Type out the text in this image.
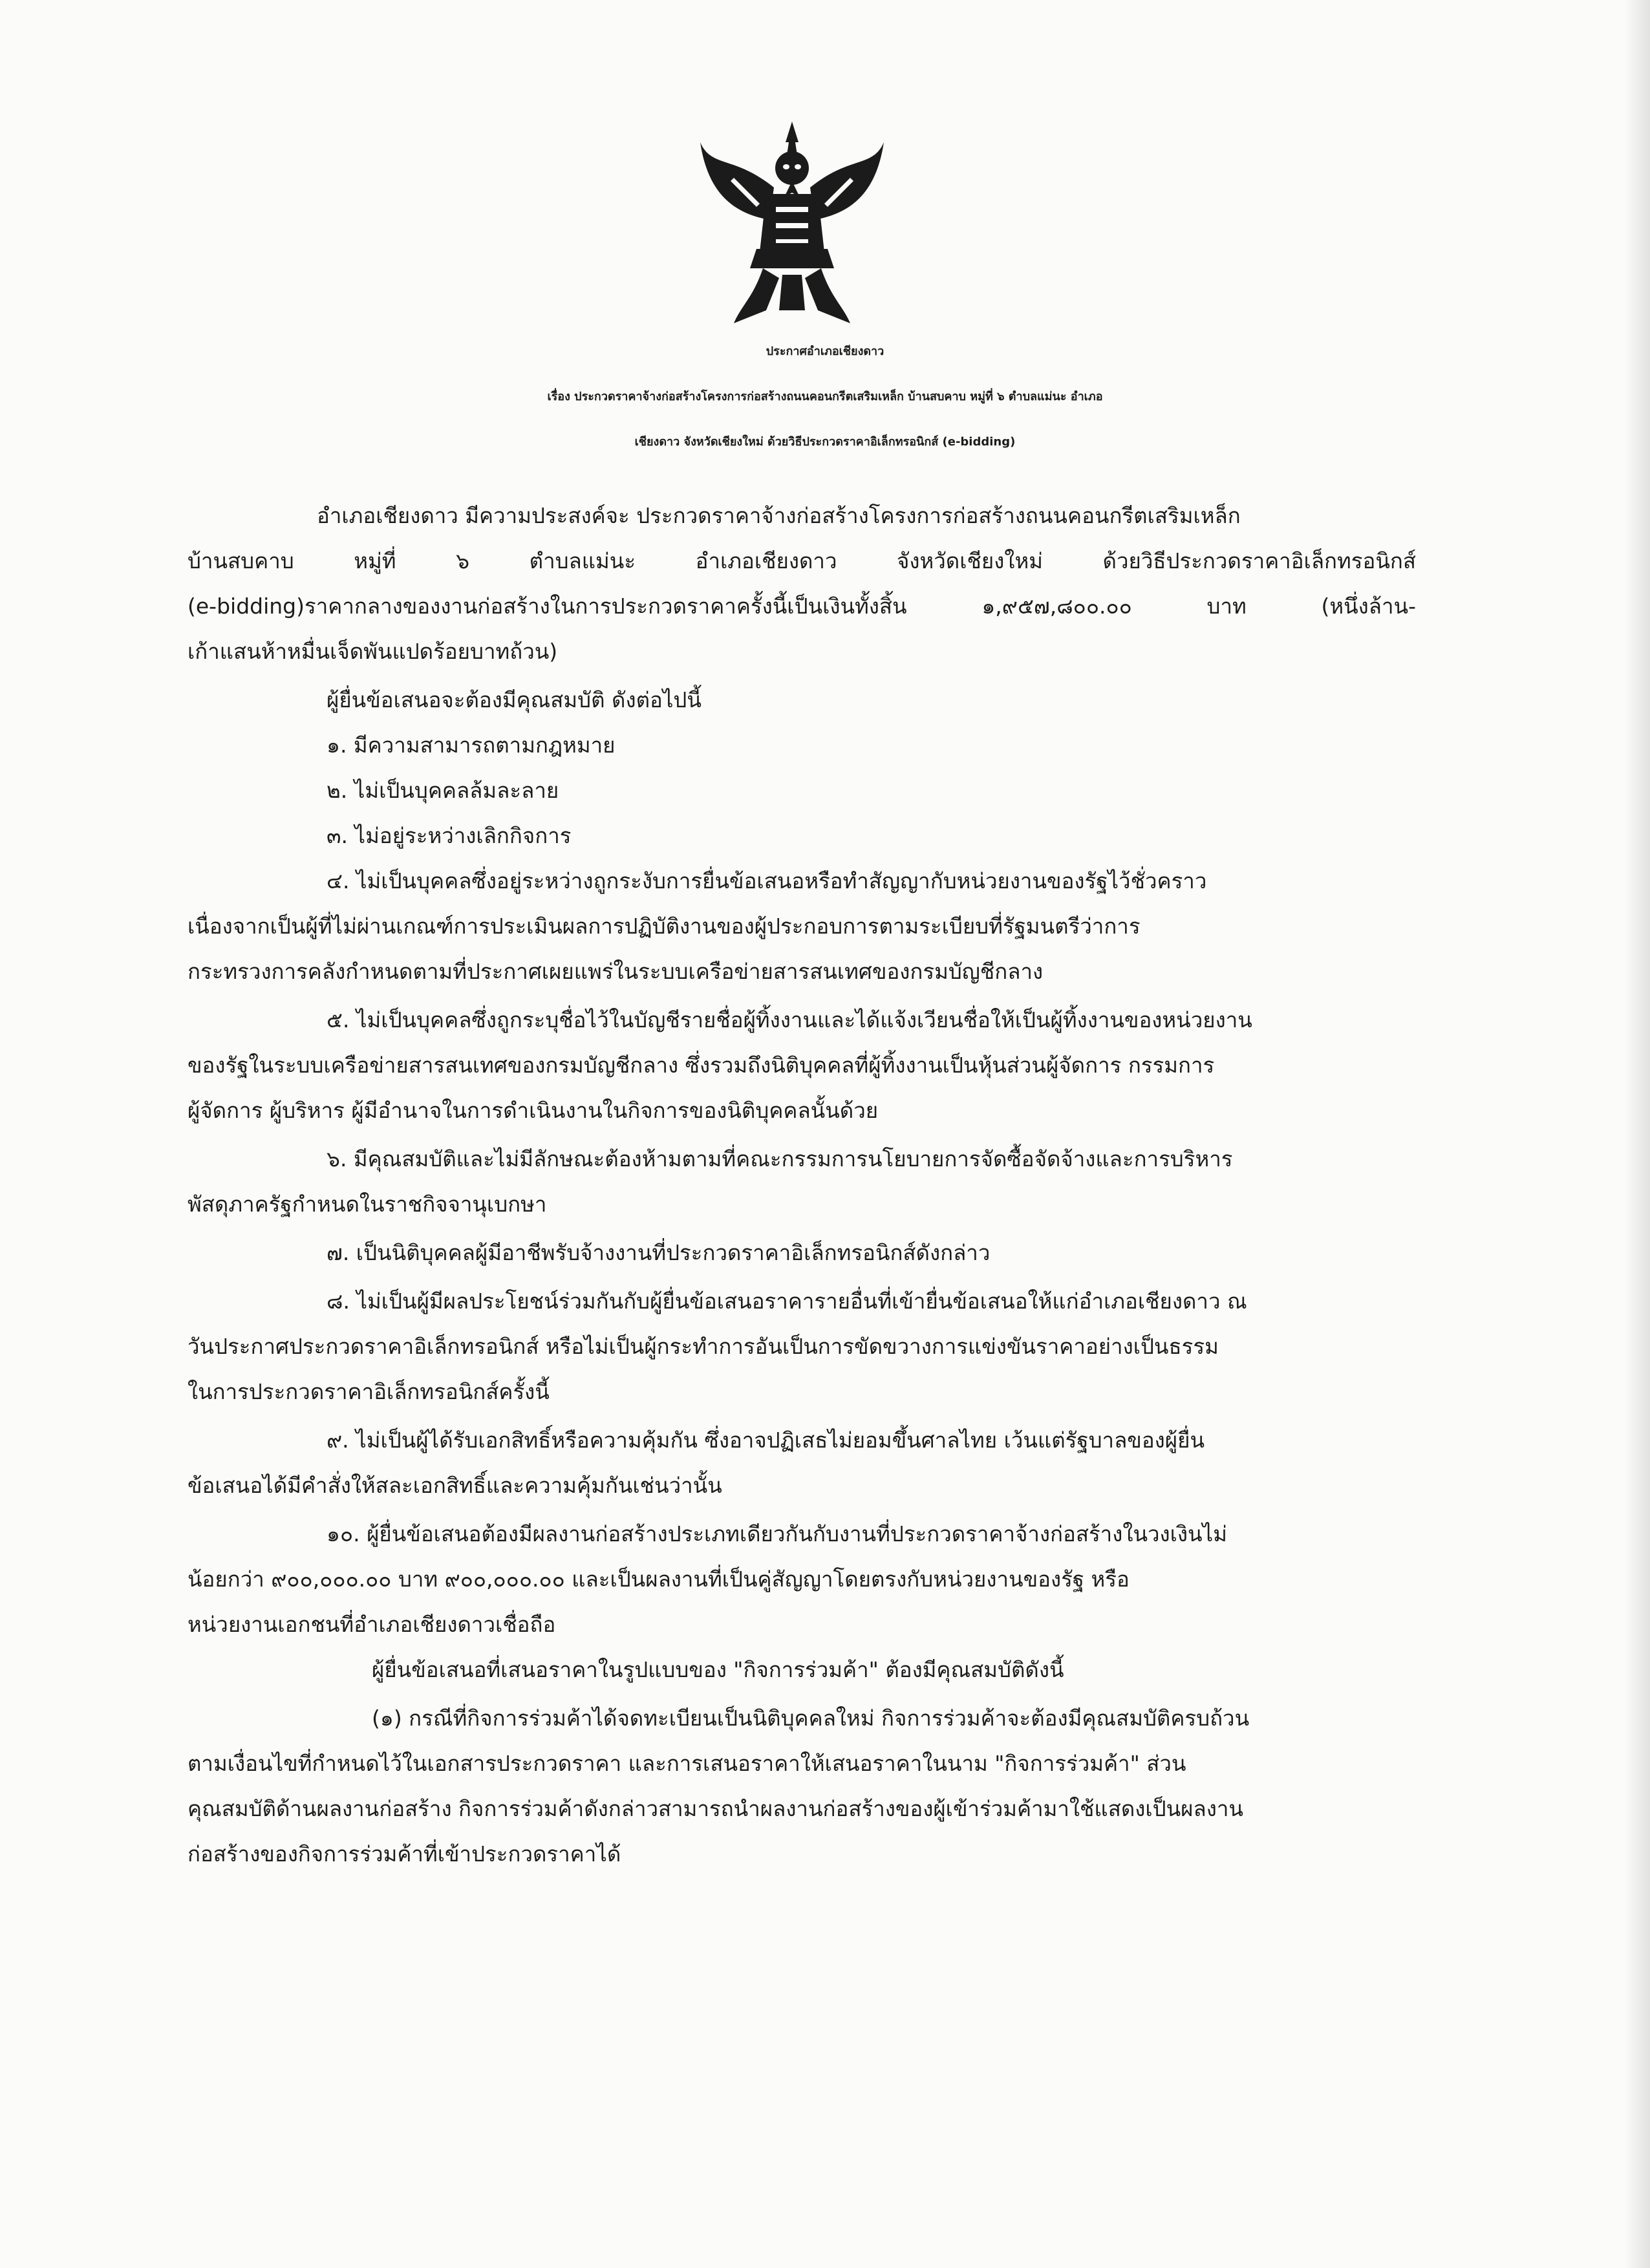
ประกาศอำเภอเชียงดาว
เรื่อง ประกวดราคาจ้างก่อสร้างโครงการก่อสร้างถนนคอนกรีตเสริมเหล็ก บ้านสบคาบ หมู่ที่ ๖ ตำบลแม่นะ อำเภอ
เชียงดาว จังหวัดเชียงใหม่ ด้วยวิธีประกวดราคาอิเล็กทรอนิกส์ (e-bidding)
อำเภอเชียงดาว มีความประสงค์จะ ประกวดราคาจ้างก่อสร้างโครงการก่อสร้างถนนคอนกรีตเสริมเหล็ก
บ้านสบคาบ หมู่ที่ ๖ ตำบลแม่นะ อำเภอเชียงดาว จังหวัดเชียงใหม่ ด้วยวิธีประกวดราคาอิเล็กทรอนิกส์
(e-bidding)ราคากลางของงานก่อสร้างในการประกวดราคาครั้งนี้เป็นเงินทั้งสิ้น ๑,๙๕๗,๘๐๐.๐๐ บาท (หนึ่งล้าน-
เก้าแสนห้าหมื่นเจ็ดพันแปดร้อยบาทถ้วน)
ผู้ยื่นข้อเสนอจะต้องมีคุณสมบัติ ดังต่อไปนี้
๑. มีความสามารถตามกฎหมาย
๒. ไม่เป็นบุคคลล้มละลาย
๓. ไม่อยู่ระหว่างเลิกกิจการ
๔. ไม่เป็นบุคคลซึ่งอยู่ระหว่างถูกระงับการยื่นข้อเสนอหรือทำสัญญากับหน่วยงานของรัฐไว้ชั่วคราว
เนื่องจากเป็นผู้ที่ไม่ผ่านเกณฑ์การประเมินผลการปฏิบัติงานของผู้ประกอบการตามระเบียบที่รัฐมนตรีว่าการ
กระทรวงการคลังกำหนดตามที่ประกาศเผยแพร่ในระบบเครือข่ายสารสนเทศของกรมบัญชีกลาง
๕. ไม่เป็นบุคคลซึ่งถูกระบุชื่อไว้ในบัญชีรายชื่อผู้ทิ้งงานและได้แจ้งเวียนชื่อให้เป็นผู้ทิ้งงานของหน่วยงาน
ของรัฐในระบบเครือข่ายสารสนเทศของกรมบัญชีกลาง ซึ่งรวมถึงนิติบุคคลที่ผู้ทิ้งงานเป็นหุ้นส่วนผู้จัดการ กรรมการ
ผู้จัดการ ผู้บริหาร ผู้มีอำนาจในการดำเนินงานในกิจการของนิติบุคคลนั้นด้วย
๖. มีคุณสมบัติและไม่มีลักษณะต้องห้ามตามที่คณะกรรมการนโยบายการจัดซื้อจัดจ้างและการบริหาร
พัสดุภาครัฐกำหนดในราชกิจจานุเบกษา
๗. เป็นนิติบุคคลผู้มีอาชีพรับจ้างงานที่ประกวดราคาอิเล็กทรอนิกส์ดังกล่าว
๘. ไม่เป็นผู้มีผลประโยชน์ร่วมกันกับผู้ยื่นข้อเสนอราคารายอื่นที่เข้ายื่นข้อเสนอให้แก่อำเภอเชียงดาว ณ
วันประกาศประกวดราคาอิเล็กทรอนิกส์ หรือไม่เป็นผู้กระทำการอันเป็นการขัดขวางการแข่งขันราคาอย่างเป็นธรรม
ในการประกวดราคาอิเล็กทรอนิกส์ครั้งนี้
๙. ไม่เป็นผู้ได้รับเอกสิทธิ์หรือความคุ้มกัน ซึ่งอาจปฏิเสธไม่ยอมขึ้นศาลไทย เว้นแต่รัฐบาลของผู้ยื่น
ข้อเสนอได้มีคำสั่งให้สละเอกสิทธิ์และความคุ้มกันเช่นว่านั้น
๑๐. ผู้ยื่นข้อเสนอต้องมีผลงานก่อสร้างประเภทเดียวกันกับงานที่ประกวดราคาจ้างก่อสร้างในวงเงินไม่
น้อยกว่า ๙๐๐,๐๐๐.๐๐ บาท ๙๐๐,๐๐๐.๐๐ และเป็นผลงานที่เป็นคู่สัญญาโดยตรงกับหน่วยงานของรัฐ หรือ
หน่วยงานเอกชนที่อำเภอเชียงดาวเชื่อถือ
ผู้ยื่นข้อเสนอที่เสนอราคาในรูปแบบของ "กิจการร่วมค้า" ต้องมีคุณสมบัติดังนี้
(๑) กรณีที่กิจการร่วมค้าได้จดทะเบียนเป็นนิติบุคคลใหม่ กิจการร่วมค้าจะต้องมีคุณสมบัติครบถ้วน
ตามเงื่อนไขที่กำหนดไว้ในเอกสารประกวดราคา และการเสนอราคาให้เสนอราคาในนาม "กิจการร่วมค้า" ส่วน
คุณสมบัติด้านผลงานก่อสร้าง กิจการร่วมค้าดังกล่าวสามารถนำผลงานก่อสร้างของผู้เข้าร่วมค้ามาใช้แสดงเป็นผลงาน
ก่อสร้างของกิจการร่วมค้าที่เข้าประกวดราคาได้
